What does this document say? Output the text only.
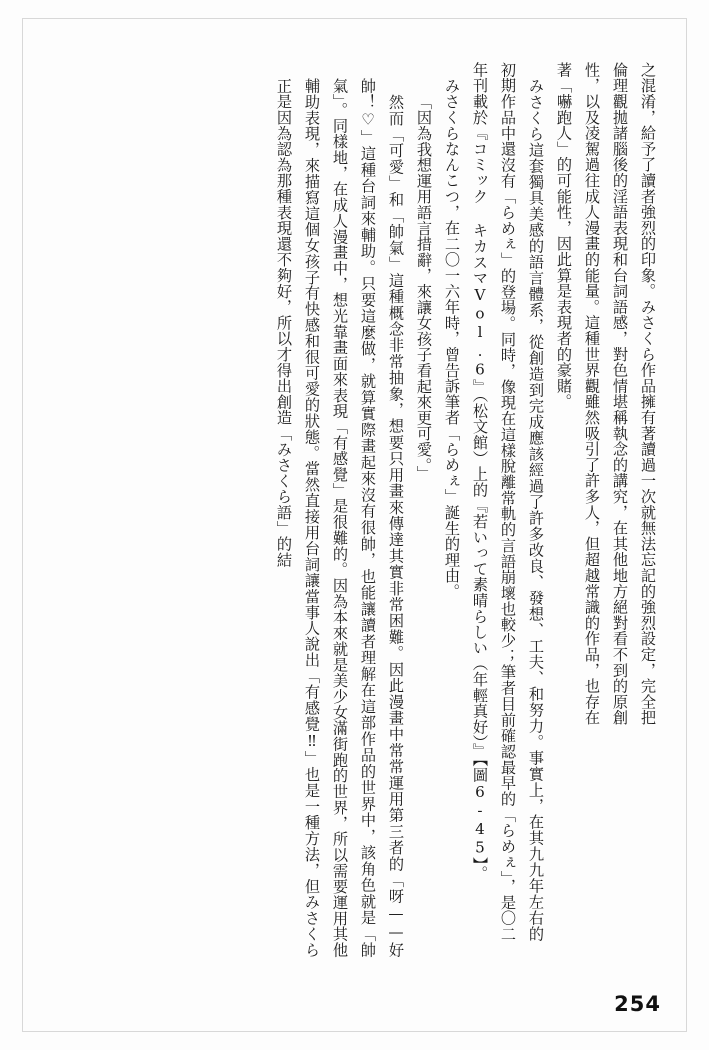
之混淆，給予了讀者強烈的印象。みさくら作品擁有著讀過一次就無法忘記的強烈設定，完全把
倫理觀拋諸腦後的淫語表現和台詞語感，對色情堪稱執念的講究，在其他地方絕對看不到的原創
性，以及凌駕過往成人漫畫的能量。這種世界觀雖然吸引了許多人，但超越常識的作品，也存在
著「嚇跑人」的可能性，因此算是表現者的豪賭。
　みさくら這套獨具美感的語言體系，從創造到完成應該經過了許多改良、發想、工夫、和努力。事實上，在其九九年左右的初期作品中還沒有「らめぇ」的登場。同時，像現在這樣脫離常軌的言語崩壞也較少；筆者目前確認最早的「らめぇ」，是〇二年刊載於『コミック キカスマVol.6』（松文館）上的『若いって素晴らしい（年輕真好）』【圖6-45】。
みさくらなんこつ，在二〇一六年時，曾告訴筆者「らめぇ」誕生的理由。
「因為我想運用語言措辭，來讓女孩子看起來更可愛。」
　然而「可愛」和「帥氣」這種概念非常抽象，想要只用畫來傳達其實非常困難。因此漫畫中常常運用第三者的「呀——好帥！♡」這種台詞來輔助。只要這麼做，就算實際畫起來沒有很帥，也能讓讀者理解在這部作品的世界中，該角色就是「帥氣」。同樣地，在成人漫畫中，想光靠畫面來表現「有感覺」是很難的。因為本來就是美少女滿街跑的世界，所以需要運用其他輔助表現，來描寫這個女孩子有快感和很可愛的狀態。當然直接用台詞讓當事人說出「有感覺‼」也是一種方法，但みさくら正是因為認為那種表現還不夠好，所以才得出創造「みさくら語」的結
254
